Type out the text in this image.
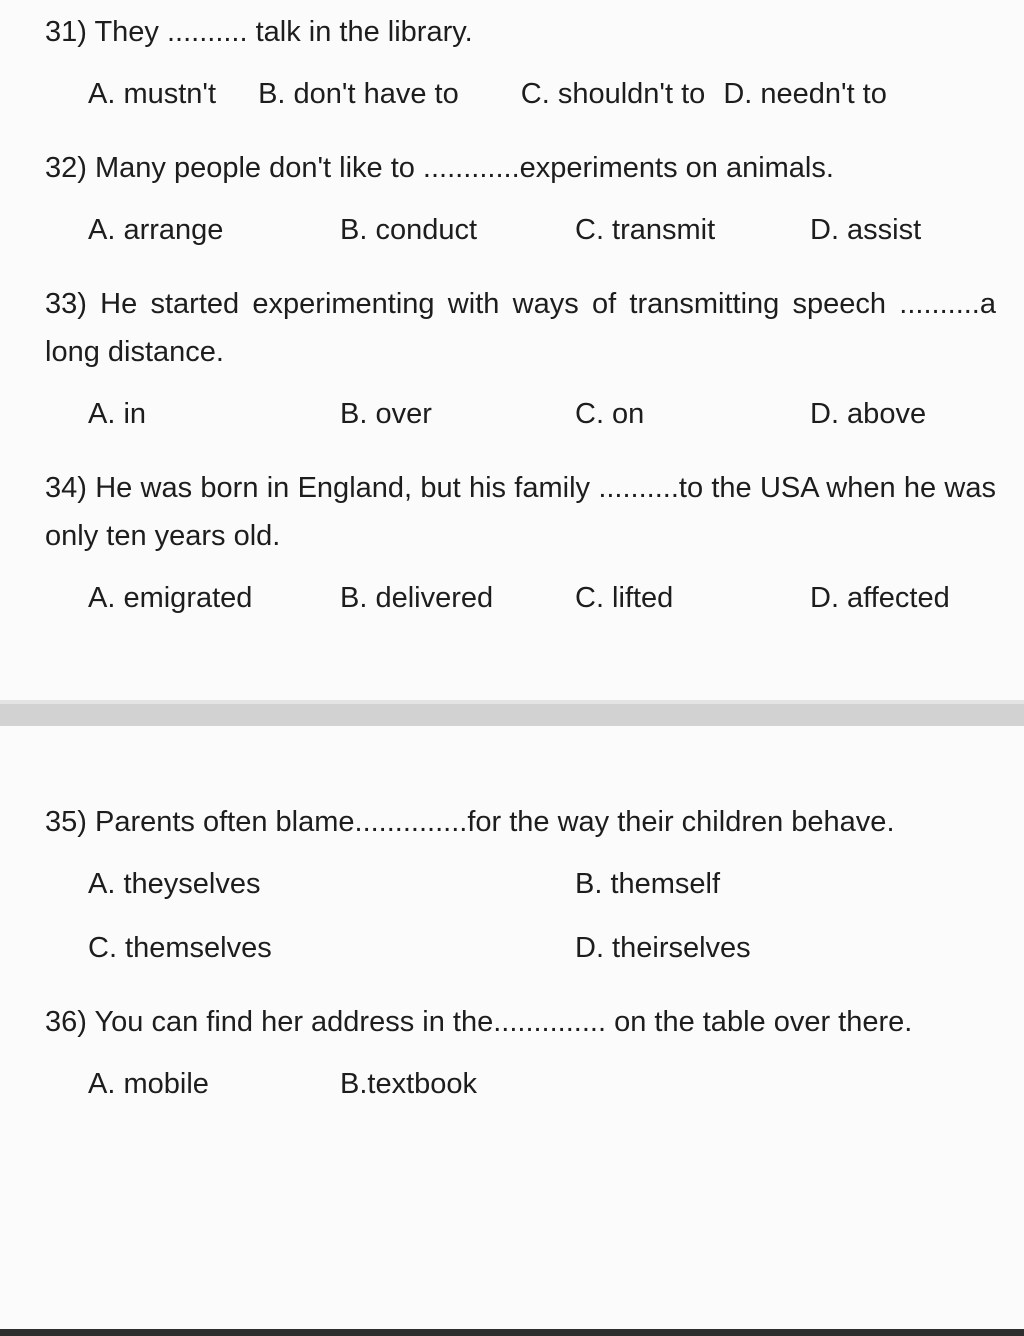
31) They .......... talk in the library.

A. mustn't B. don't have to C. shouldn't to D. needn't to

32) Many people don't like to ............experiments on animals.

A. arrange	B. conduct	C. transmit	D. assist

33) He started experimenting with ways of transmitting speech ..........a long distance.

A. in	B. over	C. on	D. above

34) He was born in England, but his family ..........to the USA when he was only ten years old.

A. emigrated	B. delivered	C. lifted	D. affected

35) Parents often blame..............for the way their children behave.

A. theyselves	B. themself
C. themselves	D. theirselves

36) You can find her address in the.............. on the table over there.

A. mobile	B.textbook
